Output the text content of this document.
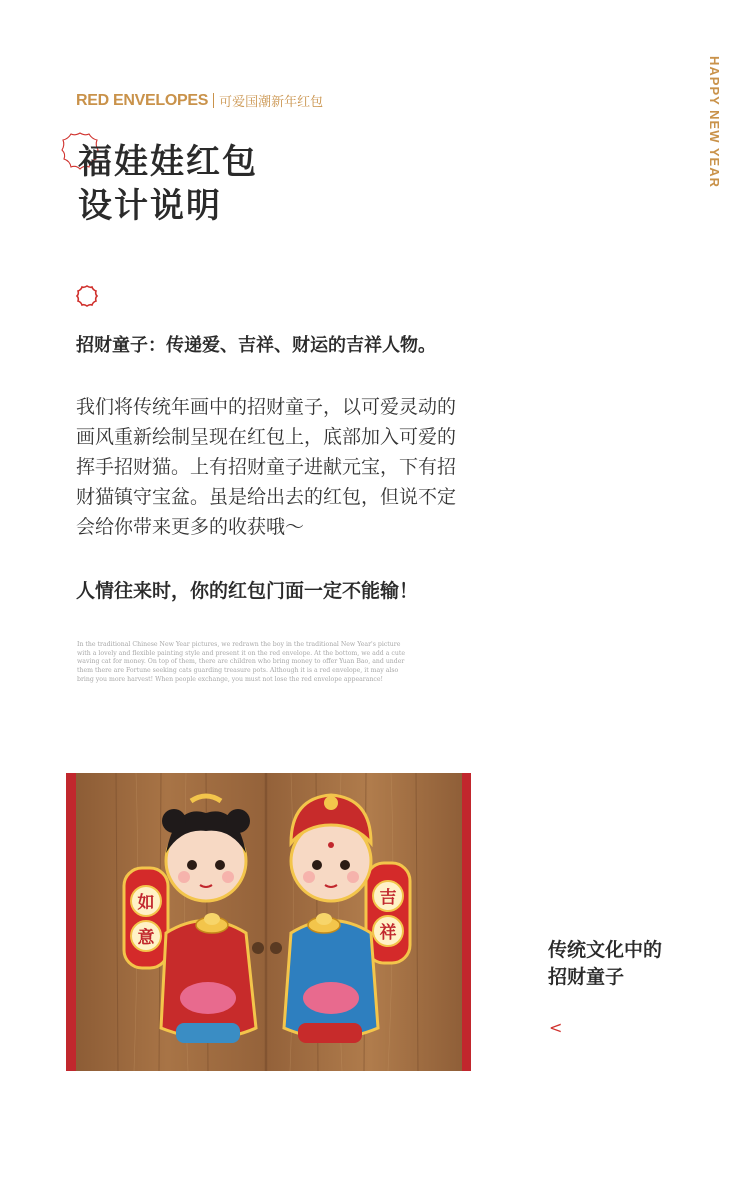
HAPPY NEW YEAR
RED ENVELOPES 可爱国潮新年红包
福娃娃红包
设计说明
招财童子：传递爱、吉祥、财运的吉祥人物。
我们将传统年画中的招财童子，以可爱灵动的
画风重新绘制呈现在红包上，底部加入可爱的
挥手招财猫。上有招财童子进献元宝，下有招
财猫镇守宝盆。虽是给出去的红包，但说不定
会给你带来更多的收获哦～
人情往来时，你的红包门面一定不能输！
In the traditional Chinese New Year pictures, we redrawn the boy in the traditional New Year's picture
with a lovely and flexible painting style and present it on the red envelope. At the bottom, we add a cute
waving cat for money. On top of them, there are children who bring money to offer Yuan Bao, and under
them there are Fortune seeking cats guarding treasure pots. Although it is a red envelope, it may also
bring you more harvest! When people exchange, you must not lose the red envelope appearance!
如
意
吉
祥
传统文化中的
招财童子
<
